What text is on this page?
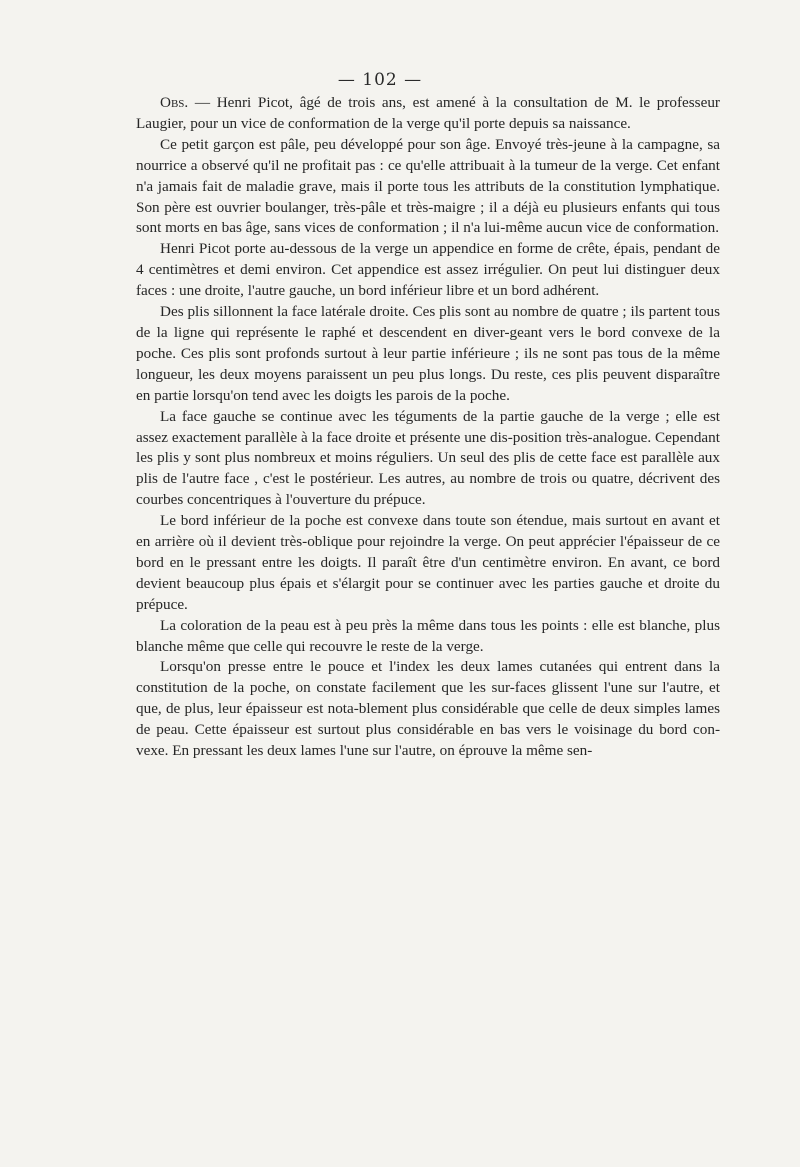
— 102 —

Obs. — Henri Picot, âgé de trois ans, est amené à la consultation de M. le professeur Laugier, pour un vice de conformation de la verge qu'il porte depuis sa naissance.

Ce petit garçon est pâle, peu développé pour son âge. Envoyé très-jeune à la campagne, sa nourrice a observé qu'il ne profitait pas : ce qu'elle attribuait à la tumeur de la verge. Cet enfant n'a jamais fait de maladie grave, mais il porte tous les attributs de la constitution lymphatique. Son père est ouvrier boulanger, très-pâle et très-maigre ; il a déjà eu plusieurs enfants qui tous sont morts en bas âge, sans vices de conformation ; il n'a lui-même aucun vice de conformation.

Henri Picot porte au-dessous de la verge un appendice en forme de crête, épais, pendant de 4 centimètres et demi environ. Cet appendice est assez irrégulier. On peut lui distinguer deux faces : une droite, l'autre gauche, un bord inférieur libre et un bord adhérent.

Des plis sillonnent la face latérale droite. Ces plis sont au nombre de quatre ; ils partent tous de la ligne qui représente le raphé et descendent en diver-geant vers le bord convexe de la poche. Ces plis sont profonds surtout à leur partie inférieure ; ils ne sont pas tous de la même longueur, les deux moyens paraissent un peu plus longs. Du reste, ces plis peuvent disparaître en partie lorsqu'on tend avec les doigts les parois de la poche.

La face gauche se continue avec les téguments de la partie gauche de la verge ; elle est assez exactement parallèle à la face droite et présente une dis-position très-analogue. Cependant les plis y sont plus nombreux et moins réguliers. Un seul des plis de cette face est parallèle aux plis de l'autre face , c'est le postérieur. Les autres, au nombre de trois ou quatre, décrivent des courbes concentriques à l'ouverture du prépuce.

Le bord inférieur de la poche est convexe dans toute son étendue, mais surtout en avant et en arrière où il devient très-oblique pour rejoindre la verge. On peut apprécier l'épaisseur de ce bord en le pressant entre les doigts. Il paraît être d'un centimètre environ. En avant, ce bord devient beaucoup plus épais et s'élargit pour se continuer avec les parties gauche et droite du prépuce.

La coloration de la peau est à peu près la même dans tous les points : elle est blanche, plus blanche même que celle qui recouvre le reste de la verge.

Lorsqu'on presse entre le pouce et l'index les deux lames cutanées qui entrent dans la constitution de la poche, on constate facilement que les sur-faces glissent l'une sur l'autre, et que, de plus, leur épaisseur est nota-blement plus considérable que celle de deux simples lames de peau. Cette épaisseur est surtout plus considérable en bas vers le voisinage du bord con-vexe. En pressant les deux lames l'une sur l'autre, on éprouve la même sen-
